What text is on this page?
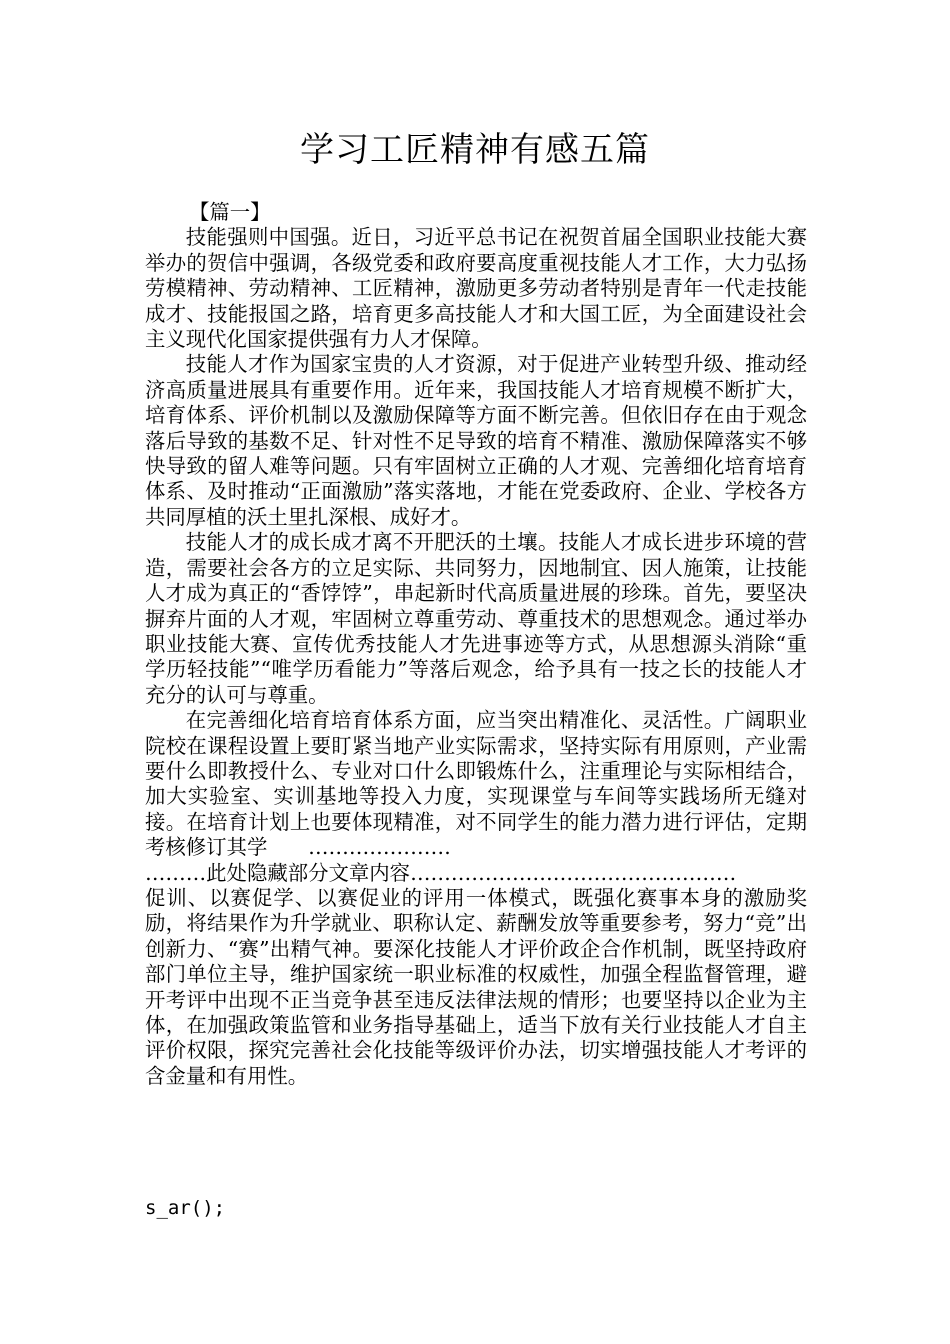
学习工匠精神有感五篇
【篇一】

技能强则中国强。近日，习近平总书记在祝贺首届全国职业技能大赛举办的贺信中强调，各级党委和政府要高度重视技能人才工作，大力弘扬劳模精神、劳动精神、工匠精神，激励更多劳动者特别是青年一代走技能成才、技能报国之路，培育更多高技能人才和大国工匠，为全面建设社会主义现代化国家提供强有力人才保障。

技能人才作为国家宝贵的人才资源，对于促进产业转型升级、推动经济高质量进展具有重要作用。近年来，我国技能人才培育规模不断扩大，培育体系、评价机制以及激励保障等方面不断完善。但依旧存在由于观念落后导致的基数不足、针对性不足导致的培育不精准、激励保障落实不够快导致的留人难等问题。只有牢固树立正确的人才观、完善细化培育培育体系、及时推动“正面激励”落实落地，才能在党委政府、企业、学校各方共同厚植的沃土里扎深根、成好才。

技能人才的成长成才离不开肥沃的土壤。技能人才成长进步环境的营造，需要社会各方的立足实际、共同努力，因地制宜、因人施策，让技能人才成为真正的“香饽饽”，串起新时代高质量进展的珍珠。首先，要坚决摒弃片面的人才观，牢固树立尊重劳动、尊重技术的思想观念。通过举办职业技能大赛、宣传优秀技能人才先进事迹等方式，从思想源头消除“重学历轻技能”“唯学历看能力”等落后观念，给予具有一技之长的技能人才充分的认可与尊重。

在完善细化培育培育体系方面，应当突出精准化、灵活性。广阔职业院校在课程设置上要盯紧当地产业实际需求，坚持实际有用原则，产业需要什么即教授什么、专业对口什么即锻炼什么，注重理论与实际相结合，加大实验室、实训基地等投入力度，实现课堂与车间等实践场所无缝对接。在培育计划上也要体现精准，对不同学生的能力潜力进行评估，定期考核修订其学　　…………………

………此处隐藏部分文章内容…………………………………………

促训、以赛促学、以赛促业的评用一体模式，既强化赛事本身的激励奖励，将结果作为升学就业、职称认定、薪酬发放等重要参考，努力“竞”出创新力、“赛”出精气神。要深化技能人才评价政企合作机制，既坚持政府部门单位主导，维护国家统一职业标准的权威性，加强全程监督管理，避开考评中出现不正当竞争甚至违反法律法规的情形；也要坚持以企业为主体，在加强政策监管和业务指导基础上，适当下放有关行业技能人才自主评价权限，探究完善社会化技能等级评价办法，切实增强技能人才考评的含金量和有用性。

s_ar();
